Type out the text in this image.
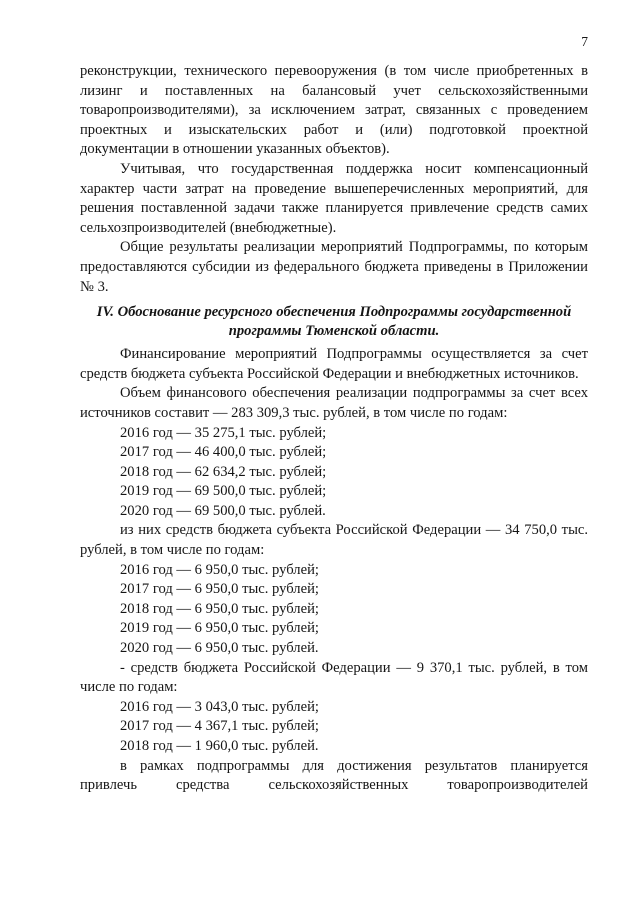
7

реконструкции, технического перевооружения (в том числе приобретенных в лизинг и поставленных на балансовый учет сельскохозяйственными товаропроизводителями), за исключением затрат, связанных с проведением проектных и изыскательских работ и (или) подготовкой проектной документации в отношении указанных объектов).

Учитывая, что государственная поддержка носит компенсационный характер части затрат на проведение вышеперечисленных мероприятий, для решения поставленной задачи также планируется привлечение средств самих сельхозпроизводителей (внебюджетные).

Общие результаты реализации мероприятий Подпрограммы, по которым предоставляются субсидии из федерального бюджета приведены в Приложении № 3.

IV. Обоснование ресурсного обеспечения Подпрограммы государственной программы Тюменской области.

Финансирование мероприятий Подпрограммы осуществляется за счет средств бюджета субъекта Российской Федерации и внебюджетных источников.

Объем финансового обеспечения реализации подпрограммы за счет всех источников составит — 283 309,3 тыс. рублей, в том числе по годам:

2016 год — 35 275,1 тыс. рублей;
2017 год — 46 400,0 тыс. рублей;
2018 год — 62 634,2 тыс. рублей;
2019 год — 69 500,0 тыс. рублей;
2020 год — 69 500,0 тыс. рублей.

из них средств бюджета субъекта Российской Федерации — 34 750,0 тыс. рублей, в том числе по годам:

2016 год — 6 950,0 тыс. рублей;
2017 год — 6 950,0 тыс. рублей;
2018 год — 6 950,0 тыс. рублей;
2019 год — 6 950,0 тыс. рублей;
2020 год — 6 950,0 тыс. рублей.

- средств бюджета Российской Федерации — 9 370,1 тыс. рублей, в том числе по годам:

2016 год — 3 043,0 тыс. рублей;
2017 год — 4 367,1 тыс. рублей;
2018 год — 1 960,0 тыс. рублей.

в рамках подпрограммы для достижения результатов планируется привлечь средства сельскохозяйственных товаропроизводителей
